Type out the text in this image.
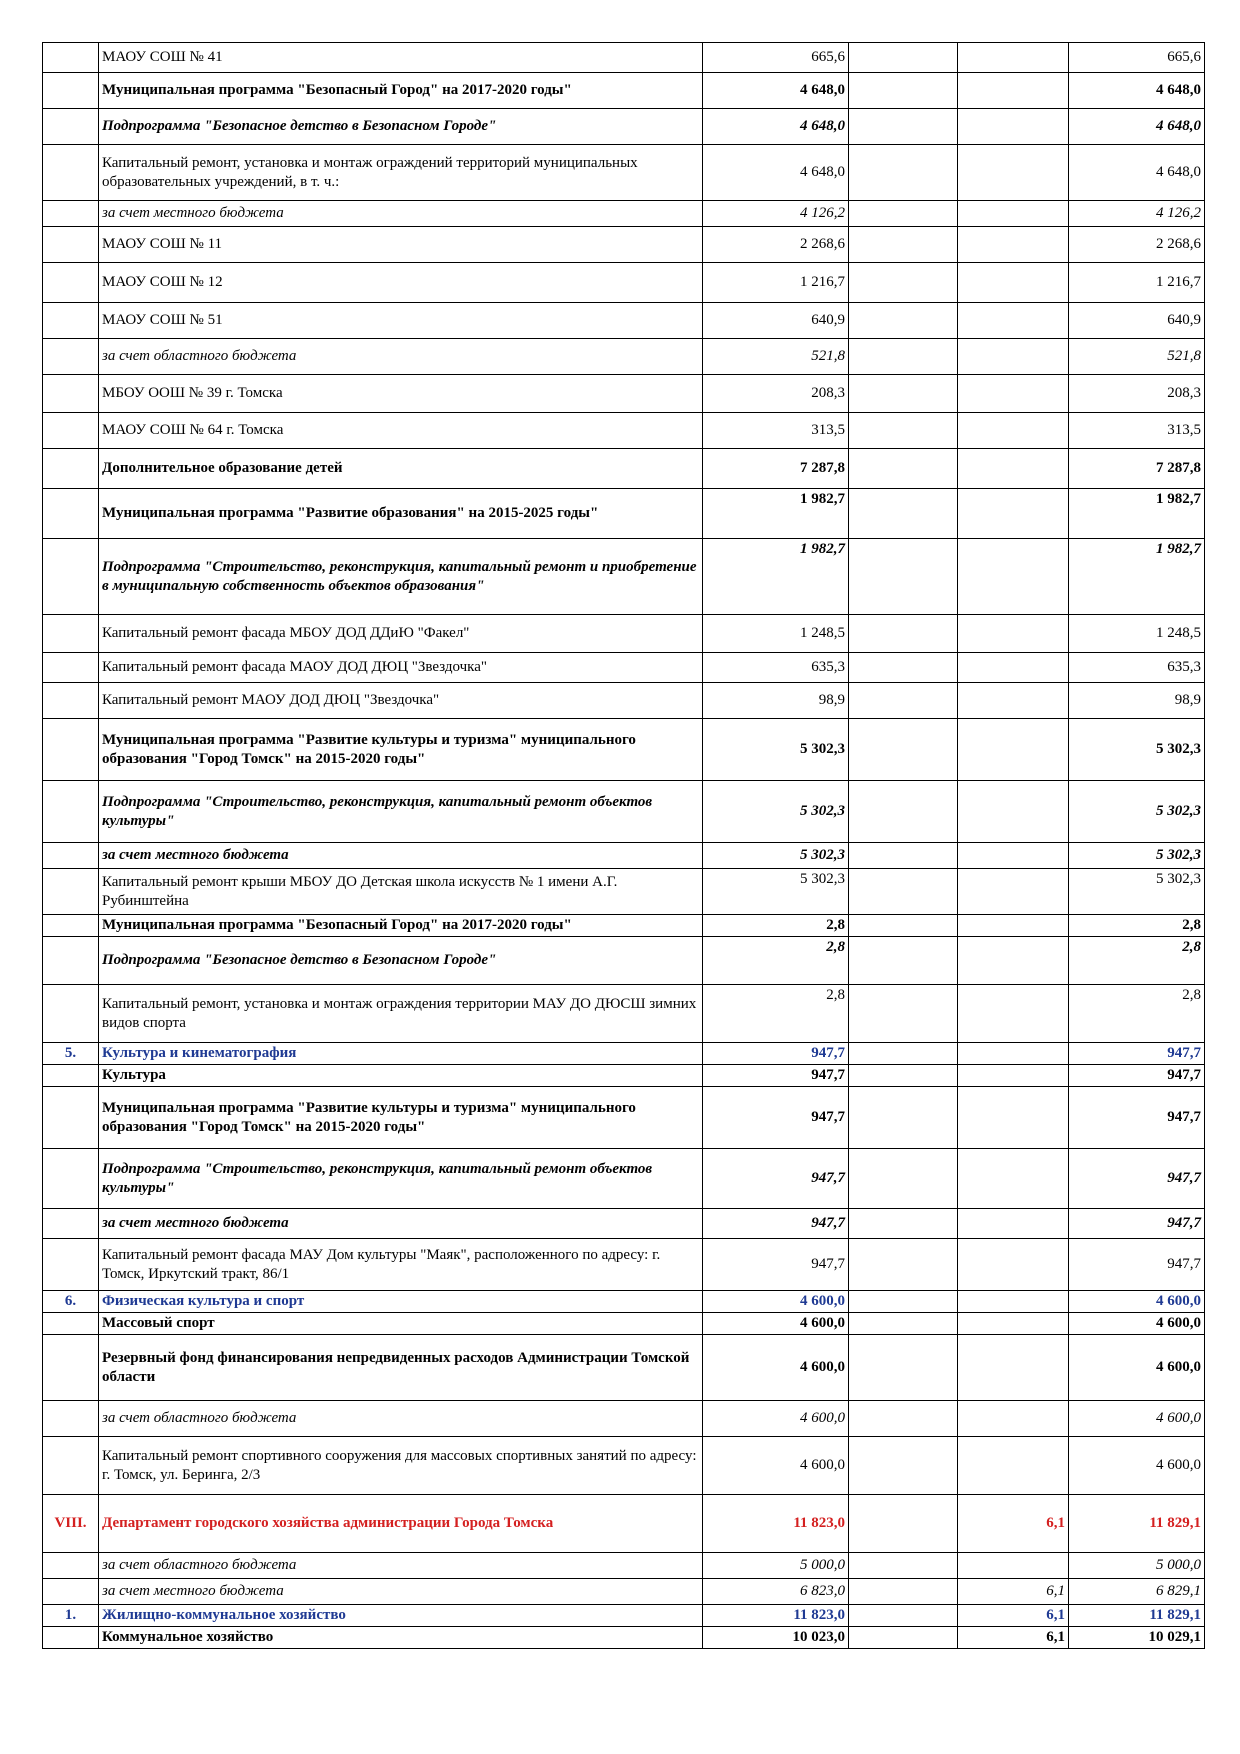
	МАОУ СОШ № 41	665,6			665,6
	Муниципальная программа "Безопасный Город" на 2017-2020 годы"	4 648,0			4 648,0
	Подпрограмма "Безопасное детство в Безопасном Городе"	4 648,0			4 648,0
	Капитальный ремонт, установка и монтаж ограждений территорий муниципальных образовательных учреждений, в т. ч.:	4 648,0			4 648,0
	за счет местного бюджета	4 126,2			4 126,2
	МАОУ СОШ № 11	2 268,6			2 268,6
	МАОУ СОШ № 12	1 216,7			1 216,7
	МАОУ СОШ № 51	640,9			640,9
	за счет областного бюджета	521,8			521,8
	МБОУ ООШ № 39 г. Томска	208,3			208,3
	МАОУ СОШ № 64 г. Томска	313,5			313,5
	Дополнительное образование детей	7 287,8			7 287,8
	Муниципальная программа "Развитие образования" на 2015-2025 годы"	1 982,7			1 982,7
	Подпрограмма "Строительство, реконструкция, капитальный ремонт и приобретение в муниципальную собственность объектов образования"	1 982,7			1 982,7
	Капитальный ремонт фасада МБОУ ДОД ДДиЮ "Факел"	1 248,5			1 248,5
	Капитальный ремонт фасада МАОУ ДОД ДЮЦ "Звездочка"	635,3			635,3
	Капитальный ремонт МАОУ ДОД ДЮЦ "Звездочка"	98,9			98,9
	Муниципальная программа "Развитие культуры и туризма" муниципального образования "Город Томск" на 2015-2020 годы"	5 302,3			5 302,3
	Подпрограмма "Строительство, реконструкция, капитальный ремонт объектов культуры"	5 302,3			5 302,3
	за счет местного бюджета	5 302,3			5 302,3
	Капитальный ремонт крыши МБОУ ДО Детская школа искусств № 1 имени А.Г. Рубинштейна	5 302,3			5 302,3
	Муниципальная программа "Безопасный Город" на 2017-2020 годы"	2,8			2,8
	Подпрограмма "Безопасное детство в Безопасном Городе"	2,8			2,8
	Капитальный ремонт, установка и монтаж ограждения территории МАУ ДО ДЮСШ зимних видов спорта	2,8			2,8
5.	Культура и кинематография	947,7			947,7
	Культура	947,7			947,7
	Муниципальная программа "Развитие культуры и туризма" муниципального образования "Город Томск" на 2015-2020 годы"	947,7			947,7
	Подпрограмма "Строительство, реконструкция, капитальный ремонт объектов культуры"	947,7			947,7
	за счет местного бюджета	947,7			947,7
	Капитальный ремонт фасада МАУ Дом культуры "Маяк", расположенного по адресу: г. Томск, Иркутский тракт, 86/1	947,7			947,7
6.	Физическая культура и спорт	4 600,0			4 600,0
	Массовый спорт	4 600,0			4 600,0
	Резервный фонд финансирования непредвиденных расходов Администрации Томской области	4 600,0			4 600,0
	за счет областного бюджета	4 600,0			4 600,0
	Капитальный ремонт спортивного сооружения для массовых спортивных занятий по адресу: г. Томск, ул. Беринга, 2/3	4 600,0			4 600,0
VIII.	Департамент городского хозяйства администрации Города Томска	11 823,0		6,1	11 829,1
	за счет областного бюджета	5 000,0			5 000,0
	за счет местного бюджета	6 823,0		6,1	6 829,1
1.	Жилищно-коммунальное хозяйство	11 823,0		6,1	11 829,1
	Коммунальное хозяйство	10 023,0		6,1	10 029,1
